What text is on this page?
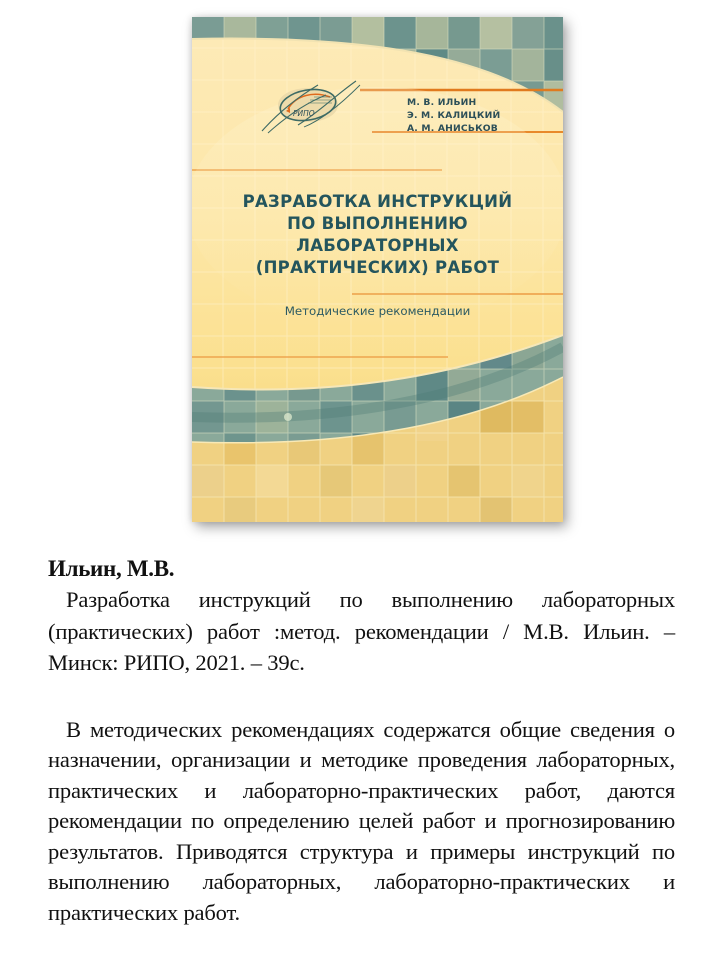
РИПО
М. В. ИЛЬИН
Э. М. КАЛИЦКИЙ
А. М. АНИСЬКОВ
РАЗРАБОТКА ИНСТРУКЦИЙ
ПО ВЫПОЛНЕНИЮ
ЛАБОРАТОРНЫХ
(ПРАКТИЧЕСКИХ) РАБОТ
Методические рекомендации
Ильин, М.В.

Разработка инструкций по выполнению лабораторных (практических) работ :метод. рекомендации / М.В. Ильин. – Минск: РИПО, 2021. – 39с.

В методических рекомендациях содержатся общие сведения о назначении, организации и методике проведения лабораторных, практических и лабораторно-практических работ, даются рекомендации по определению целей работ и прогнозированию результатов. Приводятся структура и примеры инструкций по выполнению лабораторных, лабораторно-практических и практических работ.
